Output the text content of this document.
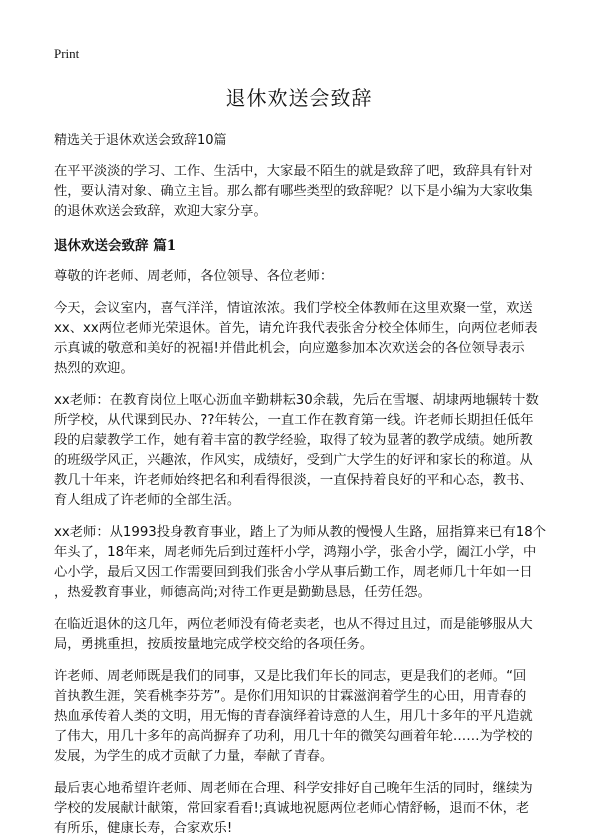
Print
退休欢送会致辞
精选关于退休欢送会致辞10篇

在平平淡淡的学习、工作、生活中，大家最不陌生的就是致辞了吧，致辞具有针对
性，要认清对象、确立主旨。那么都有哪些类型的致辞呢？以下是小编为大家收集
的退休欢送会致辞，欢迎大家分享。

退休欢送会致辞 篇1

尊敬的许老师、周老师，各位领导、各位老师：

今天，会议室内，喜气洋洋，情谊浓浓。我们学校全体教师在这里欢聚一堂，欢送
xx、xx两位老师光荣退休。首先，请允许我代表张舍分校全体师生，向两位老师表
示真诚的敬意和美好的祝福!并借此机会，向应邀参加本次欢送会的各位领导表示
热烈的欢迎。

xx老师：在教育岗位上呕心沥血辛勤耕耘30余载，先后在雪堰、胡埭两地辗转十数
所学校，从代课到民办、??年转公，一直工作在教育第一线。许老师长期担任低年
段的启蒙教学工作，她有着丰富的教学经验，取得了较为显著的教学成绩。她所教
的班级学风正，兴趣浓，作风实，成绩好，受到广大学生的好评和家长的称道。从
教几十年来，许老师始终把名和利看得很淡，一直保持着良好的平和心态，教书、
育人组成了许老师的全部生活。

xx老师：从1993投身教育事业，踏上了为师从教的慢慢人生路，屈指算来已有18个
年头了，18年来，周老师先后到过莲杆小学，鸿翔小学，张舍小学，阖江小学，中
心小学，最后又因工作需要回到我们张舍小学从事后勤工作，周老师几十年如一日
，热爱教育事业，师德高尚;对待工作更是勤勤恳恳，任劳任怨。

在临近退休的这几年，两位老师没有倚老卖老，也从不得过且过，而是能够服从大
局，勇挑重担，按质按量地完成学校交给的各项任务。

许老师、周老师既是我们的同事，又是比我们年长的同志，更是我们的老师。“回
首执教生涯，笑看桃李芬芳”。是你们用知识的甘霖滋润着学生的心田，用青春的
热血承传着人类的文明，用无悔的青春演绎着诗意的人生，用几十多年的平凡造就
了伟大，用几十多年的高尚摒弃了功利，用几十年的微笑勾画着年轮……为学校的
发展，为学生的成才贡献了力量，奉献了青春。

最后衷心地希望许老师、周老师在合理、科学安排好自己晚年生活的同时，继续为
学校的发展献计献策，常回家看看!;真诚地祝愿两位老师心情舒畅，退而不休，老
有所乐，健康长寿，合家欢乐!
